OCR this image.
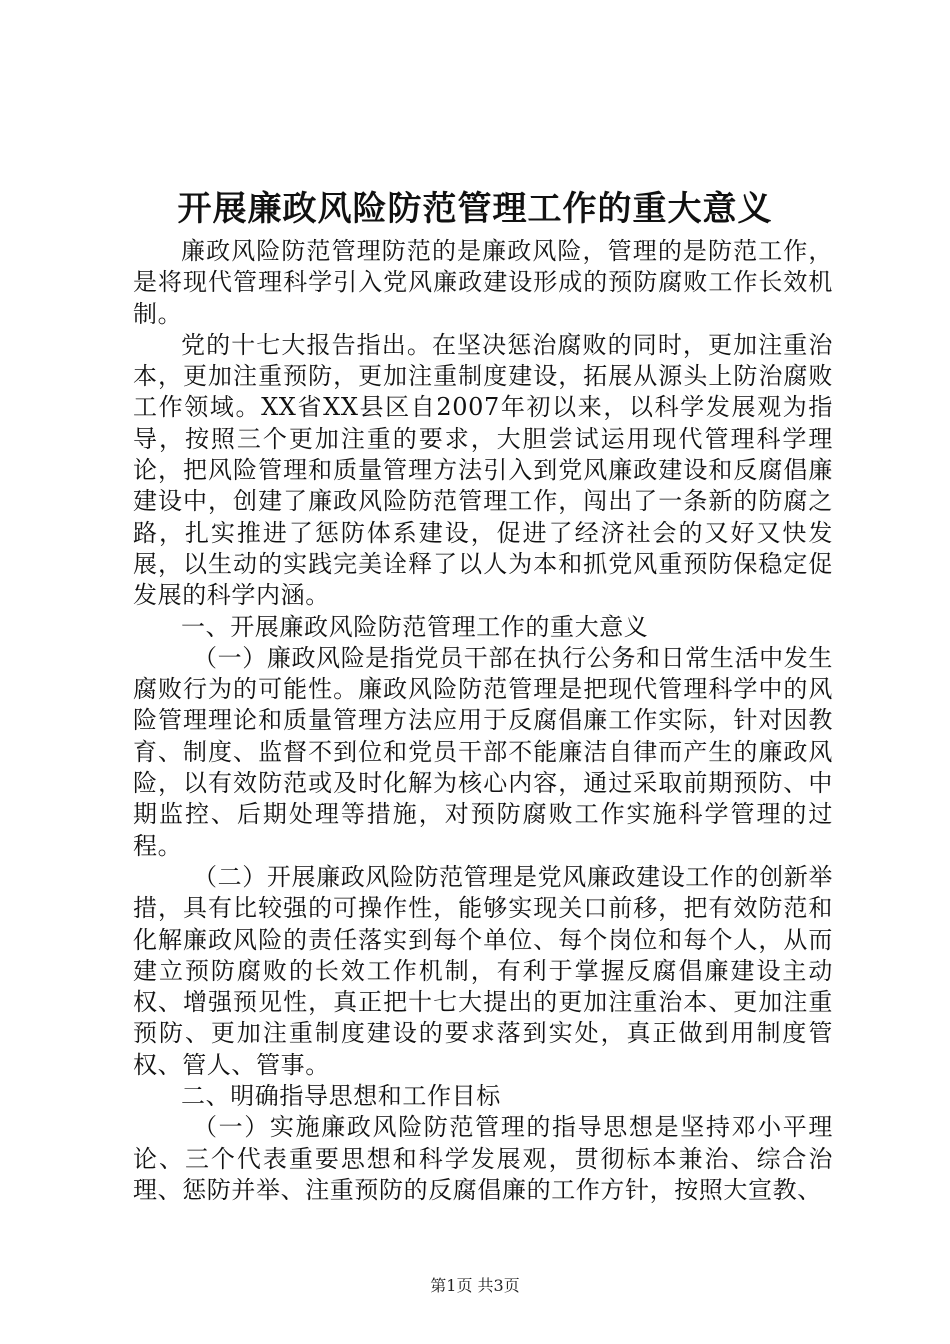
开展廉政风险防范管理工作的重大意义

廉政风险防范管理防范的是廉政风险，管理的是防范工作，是将现代管理科学引入党风廉政建设形成的预防腐败工作长效机制。

党的十七大报告指出。在坚决惩治腐败的同时，更加注重治本，更加注重预防，更加注重制度建设，拓展从源头上防治腐败工作领域。XX省XX县区自2007年初以来，以科学发展观为指导，按照三个更加注重的要求，大胆尝试运用现代管理科学理论，把风险管理和质量管理方法引入到党风廉政建设和反腐倡廉建设中，创建了廉政风险防范管理工作，闯出了一条新的防腐之路，扎实推进了惩防体系建设，促进了经济社会的又好又快发展，以生动的实践完美诠释了以人为本和抓党风重预防保稳定促发展的科学内涵。

一、开展廉政风险防范管理工作的重大意义

（一）廉政风险是指党员干部在执行公务和日常生活中发生腐败行为的可能性。廉政风险防范管理是把现代管理科学中的风险管理理论和质量管理方法应用于反腐倡廉工作实际，针对因教育、制度、监督不到位和党员干部不能廉洁自律而产生的廉政风险，以有效防范或及时化解为核心内容，通过采取前期预防、中期监控、后期处理等措施，对预防腐败工作实施科学管理的过程。

（二）开展廉政风险防范管理是党风廉政建设工作的创新举措，具有比较强的可操作性，能够实现关口前移，把有效防范和化解廉政风险的责任落实到每个单位、每个岗位和每个人，从而建立预防腐败的长效工作机制，有利于掌握反腐倡廉建设主动权、增强预见性，真正把十七大提出的更加注重治本、更加注重预防、更加注重制度建设的要求落到实处，真正做到用制度管权、管人、管事。

二、明确指导思想和工作目标

（一）实施廉政风险防范管理的指导思想是坚持邓小平理论、三个代表重要思想和科学发展观，贯彻标本兼治、综合治理、惩防并举、注重预防的反腐倡廉的工作方针，按照大宣教、

第1页 共3页
